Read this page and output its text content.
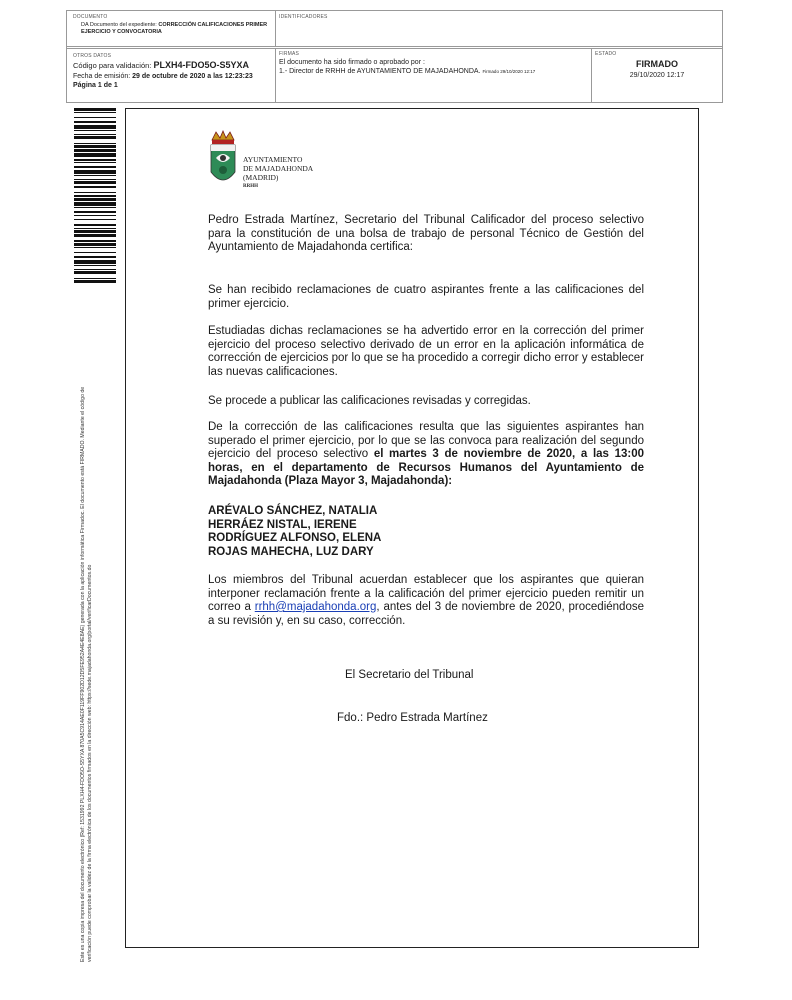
DOCUMENTO
DA Documento del expediente: CORRECCIÓN CALIFICACIONES PRIMER
EJERCICIO Y CONVOCATORIA
IDENTIFICADORES
OTROS DATOS
Código para validación: PLXH4-FDO5O-S5YXA
Fecha de emisión: 29 de octubre de 2020 a las 12:23:23
Página 1 de 1
FIRMAS
El documento ha sido firmado o aprobado por :
1.- Director de RRHH de AYUNTAMIENTO DE MAJADAHONDA. Firmado 29/10/2020 12:17
ESTADO
FIRMADO
29/10/2020 12:17
Este es una copia impresa del documento electrónico (Ref: 1531992 PLXH4-FDO5O-S5YXA 870A5C914AE0F119FF902D12D5FE952A4E4E8AE) generada con la aplicación informática Firmadoc. El documento está FIRMADO. Mediante el código de verificación puede comprobar la validez de la firma electrónica de los documentos firmados en la dirección web: https://sede.majadahonda.org/portal/verificarDocumentos.do
AYUNTAMIENTO
DE MAJADAHONDA
(MADRID)
RRHH
Pedro Estrada Martínez, Secretario del Tribunal Calificador del proceso selectivo para la constitución de una bolsa de trabajo de personal Técnico de Gestión del Ayuntamiento de Majadahonda certifica:
Se han recibido reclamaciones de cuatro aspirantes frente a las calificaciones del primer ejercicio.
Estudiadas dichas reclamaciones se ha advertido error en la corrección del primer ejercicio del proceso selectivo derivado de un error en la aplicación informática de corrección de ejercicios por lo que se ha procedido a corregir dicho error y establecer las nuevas calificaciones.
Se procede a publicar las calificaciones revisadas y corregidas.
De la corrección de las calificaciones resulta que las siguientes aspirantes han superado el primer ejercicio, por lo que se las convoca para realización del segundo ejercicio del proceso selectivo el martes 3 de noviembre de 2020, a las 13:00 horas, en el departamento de Recursos Humanos del Ayuntamiento de Majadahonda (Plaza Mayor 3, Majadahonda):
ARÉVALO SÁNCHEZ, NATALIA
HERRÁEZ NISTAL, IERENE
RODRÍGUEZ ALFONSO, ELENA
ROJAS MAHECHA, LUZ DARY
Los miembros del Tribunal acuerdan establecer que los aspirantes que quieran interponer reclamación frente a la calificación del primer ejercicio pueden remitir un correo a rrhh@majadahonda.org, antes del 3 de noviembre de 2020, procediéndose a su revisión y, en su caso, corrección.
El Secretario del Tribunal
Fdo.: Pedro Estrada Martínez
